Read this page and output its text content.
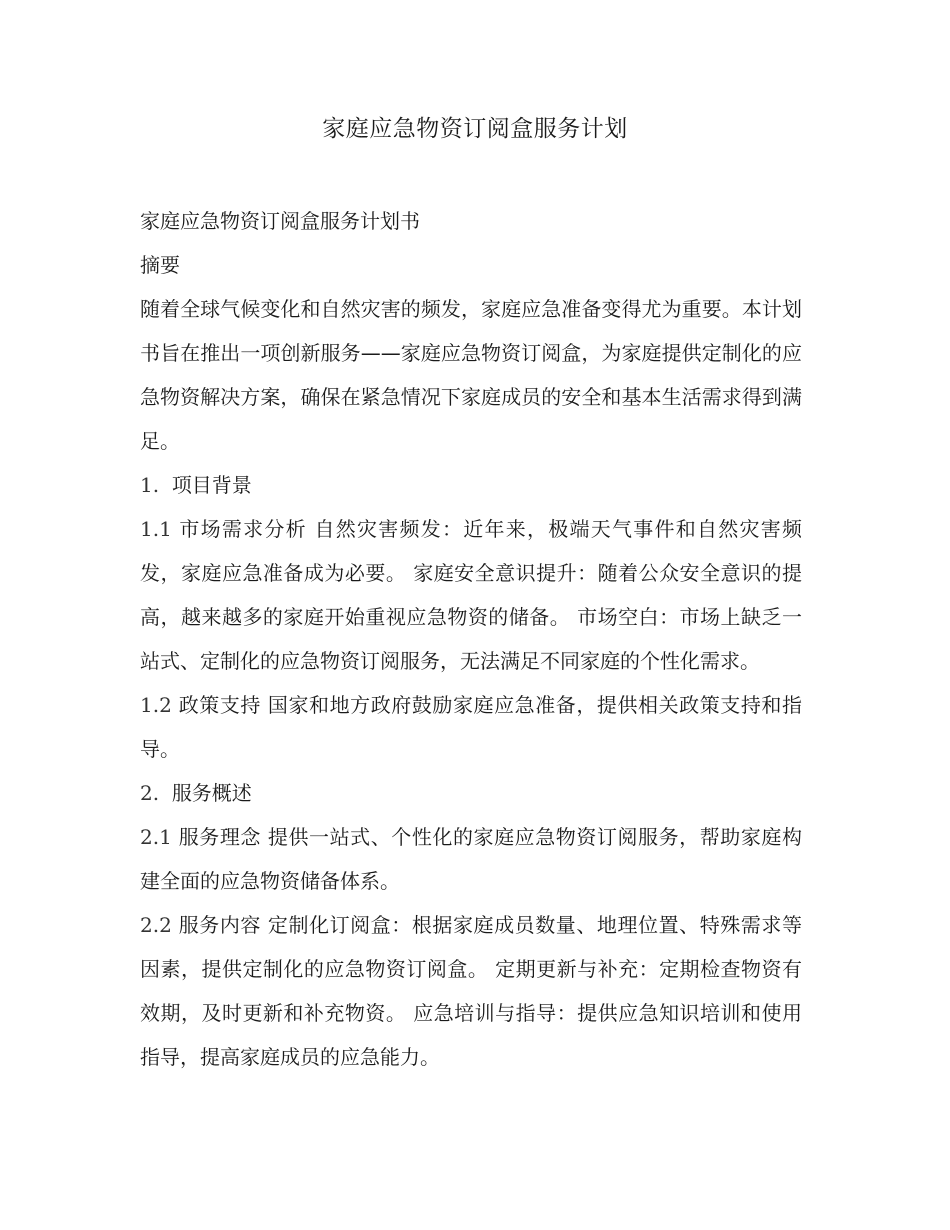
家庭应急物资订阅盒服务计划

家庭应急物资订阅盒服务计划书

摘要

随着全球气候变化和自然灾害的频发，家庭应急准备变得尤为重要。本计划书旨在推出一项创新服务——家庭应急物资订阅盒，为家庭提供定制化的应急物资解决方案，确保在紧急情况下家庭成员的安全和基本生活需求得到满足。

1. 项目背景

1.1 市场需求分析 自然灾害频发：近年来，极端天气事件和自然灾害频发，家庭应急准备成为必要。 家庭安全意识提升：随着公众安全意识的提高，越来越多的家庭开始重视应急物资的储备。 市场空白：市场上缺乏一站式、定制化的应急物资订阅服务，无法满足不同家庭的个性化需求。

1.2 政策支持 国家和地方政府鼓励家庭应急准备，提供相关政策支持和指导。

2. 服务概述

2.1 服务理念 提供一站式、个性化的家庭应急物资订阅服务，帮助家庭构建全面的应急物资储备体系。

2.2 服务内容 定制化订阅盒：根据家庭成员数量、地理位置、特殊需求等因素，提供定制化的应急物资订阅盒。 定期更新与补充：定期检查物资有效期，及时更新和补充物资。 应急培训与指导：提供应急知识培训和使用指导，提高家庭成员的应急能力。
